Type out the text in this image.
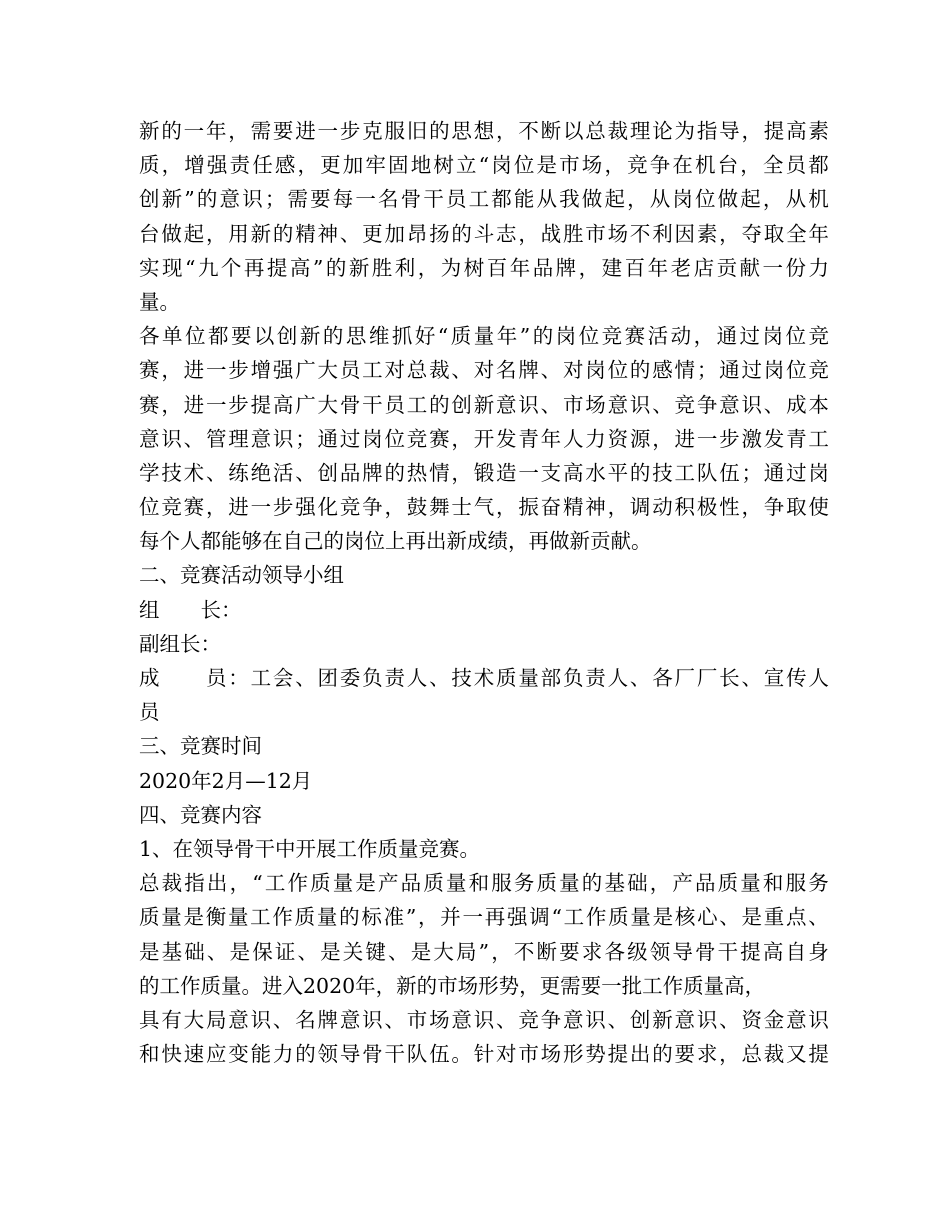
新 的 一 年 ， 需 要 进 一 步 克 服 旧 的 思 想 ， 不 断 以 总 裁 理 论 为 指 导 ， 提 高 素
质 ， 增 强 责 任 感 ， 更 加 牢 固 地 树 立 “ 岗 位 是 市 场 ， 竞 争 在 机 台 ， 全 员 都
创 新 ” 的 意 识 ； 需 要 每 一 名 骨 干 员 工 都 能 从 我 做 起 ， 从 岗 位 做 起 ， 从 机
台 做 起 ， 用 新 的 精 神 、 更 加 昂 扬 的 斗 志 ， 战 胜 市 场 不 利 因 素 ， 夺 取 全 年
实 现 “ 九 个 再 提 高 ” 的 新 胜 利 ， 为 树 百 年 品 牌 ， 建 百 年 老 店 贡 献 一 份 力
量。
各 单 位 都 要 以 创 新 的 思 维 抓 好 “ 质 量 年 ” 的 岗 位 竞 赛 活 动 ， 通 过 岗 位 竞
赛 ， 进 一 步 增 强 广 大 员 工 对 总 裁 、 对 名 牌 、 对 岗 位 的 感 情 ； 通 过 岗 位 竞
赛 ， 进 一 步 提 高 广 大 骨 干 员 工 的 创 新 意 识 、 市 场 意 识 、 竞 争 意 识 、 成 本
意 识 、 管 理 意 识 ； 通 过 岗 位 竞 赛 ， 开 发 青 年 人 力 资 源 ， 进 一 步 激 发 青 工
学 技 术 、 练 绝 活 、 创 品 牌 的 热 情 ， 锻 造 一 支 高 水 平 的 技 工 队 伍 ； 通 过 岗
位 竞 赛 ， 进 一 步 强 化 竞 争 ， 鼓 舞 士 气 ， 振 奋 精 神 ， 调 动 积 极 性 ， 争 取 使
每个人都能够在自己的岗位上再出新成绩，再做新贡献。
二、竞赛活动领导小组
组　　长：
副组长：
成

　 员 ： 工 会 、 团 委 负 责 人 、 技 术 质 量 部 负 责 人 、 各 厂 厂 长 、 宣 传 人
员
三、竞赛时间
2020年2月—12月
四、竞赛内容
1、在领导骨干中开展工作质量竞赛。
总 裁 指 出 ， “ 工 作 质 量 是 产 品 质 量 和 服 务 质 量 的 基 础 ， 产 品 质 量 和 服 务
质 量 是 衡 量 工 作 质 量 的 标 准 ” ， 并 一 再 强 调 “ 工 作 质 量 是 核 心 、 是 重 点 、
是 基 础 、 是 保 证 、 是 关 键 、 是 大 局 ” ， 不 断 要 求 各 级 领 导 骨 干 提 高 自 身
的工作质量。进入2020年，新的市场形势，更需要一批工作质量高，
具 有 大 局 意 识 、 名 牌 意 识 、 市 场 意 识 、 竞 争 意 识 、 创 新 意 识 、 资 金 意 识
和 快 速 应 变 能 力 的 领 导 骨 干 队 伍 。 针 对 市 场 形 势 提 出 的 要 求 ， 总 裁 又 提
